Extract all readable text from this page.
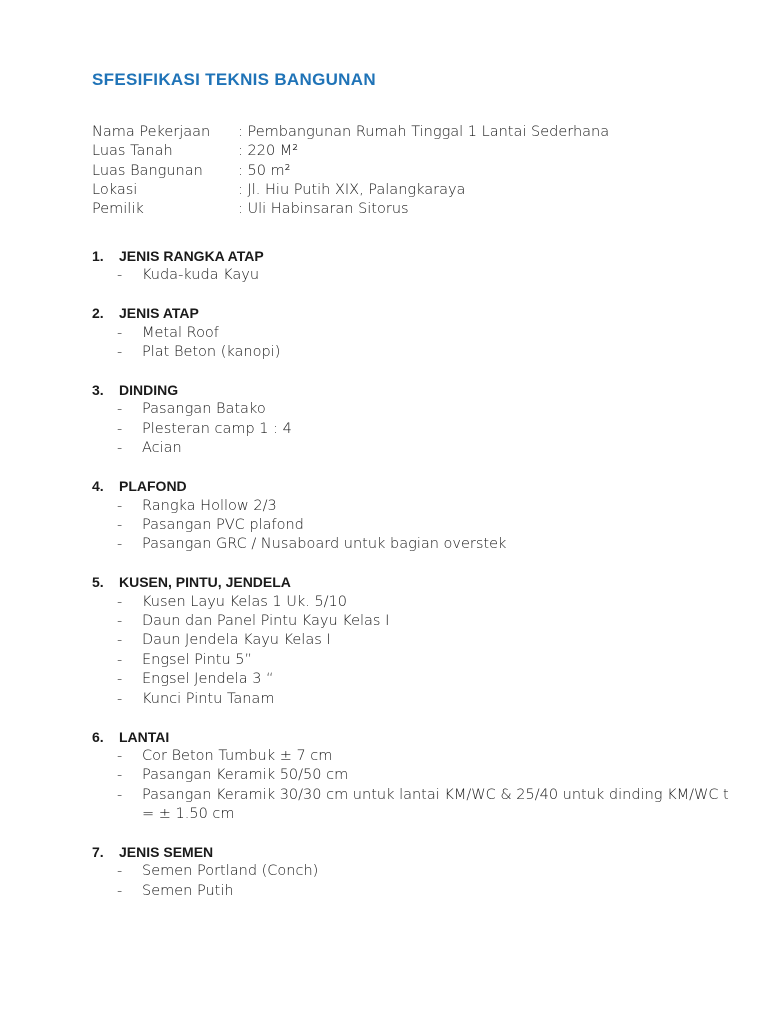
SFESIFIKASI TEKNIS BANGUNAN
Nama Pekerjaan : Pembangunan Rumah Tinggal 1 Lantai Sederhana
Luas Tanah	: 220 M²
Luas Bangunan : 50 m²
Lokasi	: Jl. Hiu Putih XIX, Palangkaraya
Pemilik	: Uli Habinsaran Sitorus
1. JENIS RANGKA ATAP
- Kuda-kuda Kayu
2. JENIS ATAP
- Metal Roof
- Plat Beton (kanopi)
3. DINDING
- Pasangan Batako
- Plesteran camp 1 : 4
- Acian
4. PLAFOND
- Rangka Hollow 2/3
- Pasangan PVC plafond
- Pasangan GRC / Nusaboard untuk bagian overstek
5. KUSEN, PINTU, JENDELA
- Kusen Layu Kelas 1 Uk. 5/10
- Daun dan Panel Pintu Kayu Kelas I
- Daun Jendela Kayu Kelas I
- Engsel Pintu 5”
- Engsel Jendela 3 “
- Kunci Pintu Tanam
6. LANTAI
- Cor Beton Tumbuk ± 7 cm
- Pasangan Keramik 50/50 cm
- Pasangan Keramik 30/30 cm untuk lantai KM/WC & 25/40 untuk dinding KM/WC t = ± 1.50 cm
7. JENIS SEMEN
- Semen Portland (Conch)
- Semen Putih
